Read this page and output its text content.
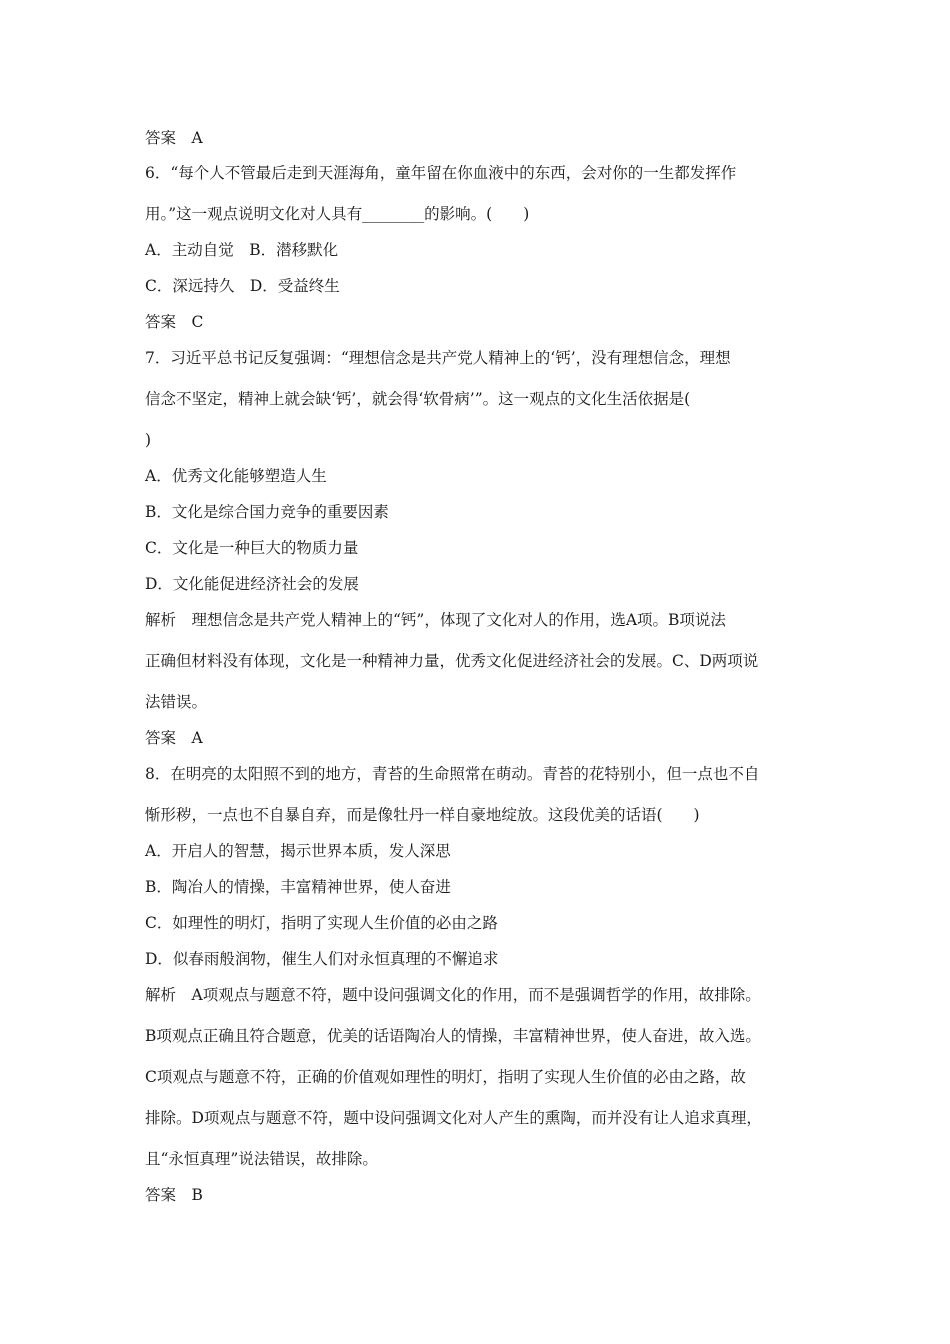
答案　A
6．“每个人不管最后走到天涯海角，童年留在你血液中的东西，会对你的一生都发挥作
用。”这一观点说明文化对人具有________的影响。(　　)
A．主动自觉　B．潜移默化
C．深远持久　D．受益终生
答案　C
7．习近平总书记反复强调：“理想信念是共产党人精神上的‘钙’，没有理想信念，理想
信念不坚定，精神上就会缺‘钙’，就会得‘软骨病’”。这一观点的文化生活依据是(
)
A．优秀文化能够塑造人生
B．文化是综合国力竞争的重要因素
C．文化是一种巨大的物质力量
D．文化能促进经济社会的发展
解析　理想信念是共产党人精神上的“钙”，体现了文化对人的作用，选A项。B项说法
正确但材料没有体现，文化是一种精神力量，优秀文化促进经济社会的发展。C、D两项说
法错误。
答案　A
8．在明亮的太阳照不到的地方，青苔的生命照常在萌动。青苔的花特别小，但一点也不自
惭形秽，一点也不自暴自弃，而是像牡丹一样自豪地绽放。这段优美的话语(　　)
A．开启人的智慧，揭示世界本质，发人深思
B．陶冶人的情操，丰富精神世界，使人奋进
C．如理性的明灯，指明了实现人生价值的必由之路
D．似春雨般润物，催生人们对永恒真理的不懈追求
解析　A项观点与题意不符，题中设问强调文化的作用，而不是强调哲学的作用，故排除。
B项观点正确且符合题意，优美的话语陶冶人的情操，丰富精神世界，使人奋进，故入选。
C项观点与题意不符，正确的价值观如理性的明灯，指明了实现人生价值的必由之路，故
排除。D项观点与题意不符，题中设问强调文化对人产生的熏陶，而并没有让人追求真理，
且“永恒真理”说法错误，故排除。
答案　B
